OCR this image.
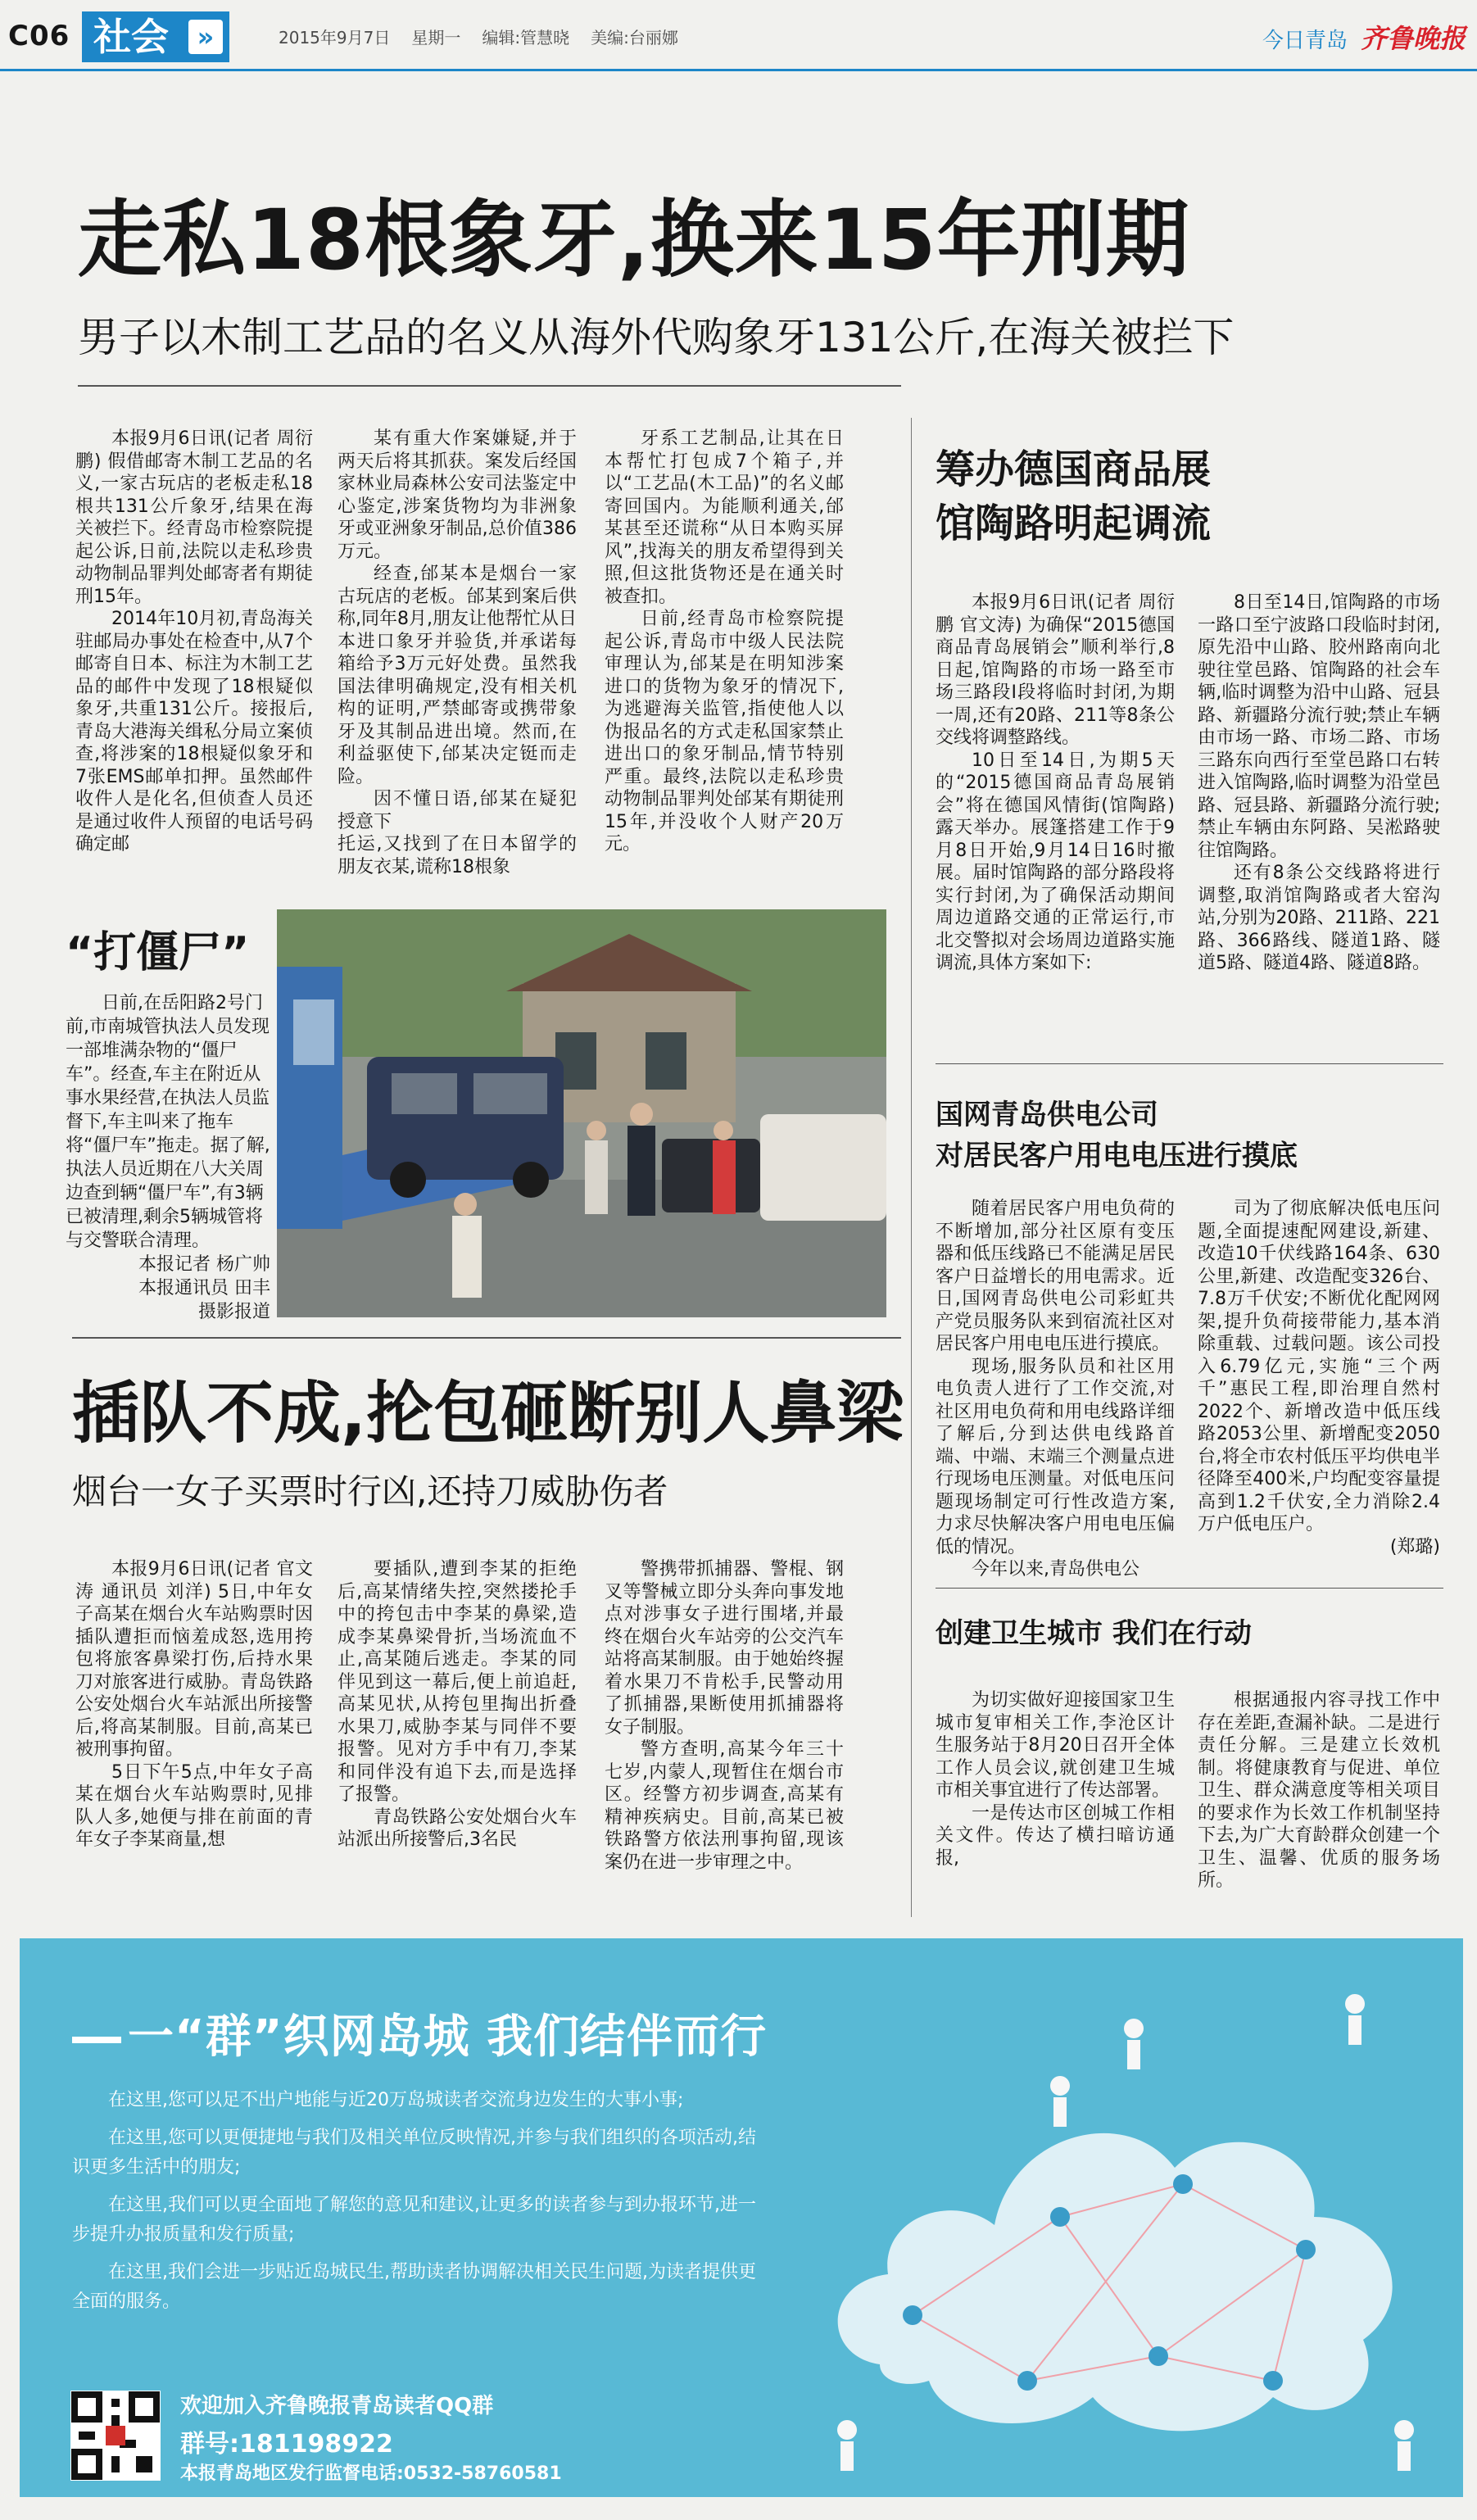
C06 社会	»	2015年9月7日 星期一 编辑:管慧晓 美编:台丽娜	今日青岛 齐鲁晚报
走私18根象牙,换来15年刑期
男子以木制工艺品的名义从海外代购象牙131公斤,在海关被拦下

本报9月6日讯(记者 周衍鹏) 假借邮寄木制工艺品的名义,一家古玩店的老板走私18根共131公斤象牙,结果在海关被拦下。经青岛市检察院提起公诉,日前,法院以走私珍贵动物制品罪判处邮寄者有期徒刑15年。

2014年10月初,青岛海关驻邮局办事处在检查中,从7个邮寄自日本、标注为木制工艺品的邮件中发现了18根疑似象牙,共重131公斤。接报后,青岛大港海关缉私分局立案侦查,将涉案的18根疑似象牙和7张EMS邮单扣押。虽然邮件收件人是化名,但侦查人员还是通过收件人预留的电话号码确定邮

某有重大作案嫌疑,并于两天后将其抓获。案发后经国家林业局森林公安司法鉴定中心鉴定,涉案货物均为非洲象牙或亚洲象牙制品,总价值386万元。

经查,邰某本是烟台一家古玩店的老板。邰某到案后供称,同年8月,朋友让他帮忙从日本进口象牙并验货,并承诺每箱给予3万元好处费。虽然我国法律明确规定,没有相关机构的证明,严禁邮寄或携带象牙及其制品进出境。然而,在利益驱使下,邰某决定铤而走险。

因不懂日语,邰某在疑犯授意下

托运,又找到了在日本留学的朋友衣某,谎称18根象

牙系工艺制品,让其在日本帮忙打包成7个箱子,并以“工艺品(木工品)”的名义邮寄回国内。为能顺利通关,邰某甚至还谎称“从日本购买屏风”,找海关的朋友希望得到关照,但这批货物还是在通关时被查扣。

日前,经青岛市检察院提起公诉,青岛市中级人民法院审理认为,邰某是在明知涉案进口的货物为象牙的情况下,为逃避海关监管,指使他人以伪报品名的方式走私国家禁止进出口的象牙制品,情节特别严重。最终,法院以走私珍贵动物制品罪判处邰某有期徒刑15年,并没收个人财产20万元。

“打僵尸”

日前,在岳阳路2号门前,市南城管执法人员发现一部堆满杂物的“僵尸车”。经查,车主在附近从事水果经营,在执法人员监督下,车主叫来了拖车将“僵尸车”拖走。据了解,执法人员近期在八大关周边查到辆“僵尸车”,有3辆已被清理,剩余5辆城管将与交警联合清理。

本报记者 杨广帅

本报通讯员 田丰

摄影报道

插队不成,抡包砸断别人鼻梁
烟台一女子买票时行凶,还持刀威胁伤者

本报9月6日讯(记者 官文涛 通讯员 刘洋) 5日,中年女子高某在烟台火车站购票时因插队遭拒而恼羞成怒,选用挎包将旅客鼻梁打伤,后持水果刀对旅客进行威胁。青岛铁路公安处烟台火车站派出所接警后,将高某制服。目前,高某已被刑事拘留。

5日下午5点,中年女子高某在烟台火车站购票时,见排队人多,她便与排在前面的青年女子李某商量,想

要插队,遭到李某的拒绝后,高某情绪失控,突然搂抡手中的挎包击中李某的鼻梁,造成李某鼻梁骨折,当场流血不止,高某随后逃走。李某的同伴见到这一幕后,便上前追赶,高某见状,从挎包里掏出折叠水果刀,威胁李某与同伴不要报警。见对方手中有刀,李某和同伴没有追下去,而是选择了报警。

青岛铁路公安处烟台火车站派出所接警后,3名民

警携带抓捕器、警棍、钢叉等警械立即分头奔向事发地点对涉事女子进行围堵,并最终在烟台火车站旁的公交汽车站将高某制服。由于她始终握着水果刀不肯松手,民警动用了抓捕器,果断使用抓捕器将女子制服。

警方查明,高某今年三十七岁,内蒙人,现暂住在烟台市区。经警方初步调查,高某有精神疾病史。目前,高某已被铁路警方依法刑事拘留,现该案仍在进一步审理之中。

筹办德国商品展
馆陶路明起调流

本报9月6日讯(记者 周衍鹏 官文涛) 为确保“2015德国商品青岛展销会”顺利举行,8日起,馆陶路的市场一路至市场三路段I段将临时封闭,为期一周,还有20路、211等8条公交线将调整路线。

10日至14日,为期5天的“2015德国商品青岛展销会”将在德国风情街(馆陶路)露天举办。展篷搭建工作于9月8日开始,9月14日16时撤展。届时馆陶路的部分路段将实行封闭,为了确保活动期间周边道路交通的正常运行,市北交警拟对会场周边道路实施调流,具体方案如下:

8日至14日,馆陶路的市场一路口至宁波路口段临时封闭,原先沿中山路、胶州路南向北驶往堂邑路、馆陶路的社会车辆,临时调整为沿中山路、冠县路、新疆路分流行驶;禁止车辆由市场一路、市场二路、市场三路东向西行至堂邑路口右转进入馆陶路,临时调整为沿堂邑路、冠县路、新疆路分流行驶;禁止车辆由东阿路、吴淞路驶往馆陶路。

还有8条公交线路将进行调整,取消馆陶路或者大窑沟站,分别为20路、211路、221路、366路线、隧道1路、隧道5路、隧道4路、隧道8路。

国网青岛供电公司
对居民客户用电电压进行摸底

随着居民客户用电负荷的不断增加,部分社区原有变压器和低压线路已不能满足居民客户日益增长的用电需求。近日,国网青岛供电公司彩虹共产党员服务队来到宿流社区对居民客户用电电压进行摸底。

现场,服务队员和社区用电负责人进行了工作交流,对社区用电负荷和用电线路详细了解后,分到达供电线路首端、中端、末端三个测量点进行现场电压测量。对低电压问题现场制定可行性改造方案,力求尽快解决客户用电电压偏低的情况。

今年以来,青岛供电公

司为了彻底解决低电压问题,全面提速配网建设,新建、改造10千伏线路164条、630公里,新建、改造配变326台、7.8万千伏安;不断优化配网网架,提升负荷接带能力,基本消除重载、过载问题。该公司投入6.79亿元,实施“三个两千”惠民工程,即治理自然村2022个、新增改造中低压线路2053公里、新增配变2050台,将全市农村低压平均供电半径降至400米,户均配变容量提高到1.2千伏安,全力消除2.4万户低电压户。

(郑璐)
创建卫生城市 我们在行动

为切实做好迎接国家卫生城市复审相关工作,李沧区计生服务站于8月20日召开全体工作人员会议,就创建卫生城市相关事宜进行了传达部署。

一是传达市区创城工作相关文件。传达了横扫暗访通报,

根据通报内容寻找工作中存在差距,查漏补缺。二是进行责任分解。三是建立长效机制。将健康教育与促进、单位卫生、群众满意度等相关项目的要求作为长效工作机制坚持下去,为广大育龄群众创建一个卫生、温馨、优质的服务场所。

一“群”织网岛城 我们结伴而行

在这里,您可以足不出户地能与近20万岛城读者交流身边发生的大事小事;

在这里,您可以更便捷地与我们及相关单位反映情况,并参与我们组织的各项活动,结识更多生活中的朋友;

在这里,我们可以更全面地了解您的意见和建议,让更多的读者参与到办报环节,进一步提升办报质量和发行质量;

在这里,我们会进一步贴近岛城民生,帮助读者协调解决相关民生问题,为读者提供更全面的服务。

欢迎加入齐鲁晚报青岛读者QQ群
群号:181198922
本报青岛地区发行监督电话:0532-58760581
